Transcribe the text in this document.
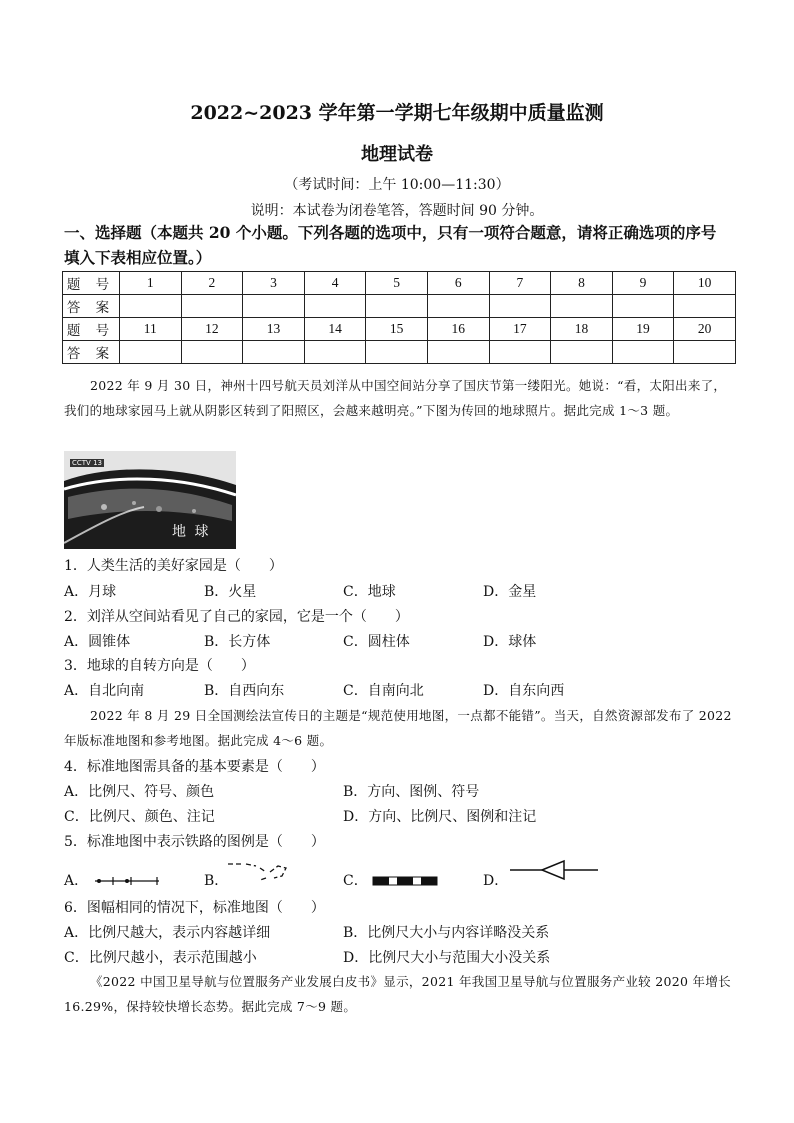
2022~2023 学年第一学期七年级期中质量监测
地理试卷
（考试时间：上午 10:00—11:30）
说明：本试卷为闭卷笔答，答题时间 90 分钟。
一、选择题（本题共 20 个小题。下列各题的选项中，只有一项符合题意，请将正确选项的序号
填入下表相应位置。）
题 号	1	2	3	4	5	6	7	8	9	10
答 案										
题 号	11	12	13	14	15	16	17	18	19	20
答 案										
2022 年 9 月 30 日，神州十四号航天员刘洋从中国空间站分享了国庆节第一缕阳光。她说：“看，太阳出来了，我们的地球家园马上就从阴影区转到了阳照区，会越来越明亮。”下图为传回的地球照片。据此完成 1～3 题。
CCTV 13
地 球
1．人类生活的美好家园是（　　）
A．月球	B．火星	C．地球	D．金星
2．刘洋从空间站看见了自己的家园，它是一个（　　）
A．圆锥体	B．长方体	C．圆柱体	D．球体
3．地球的自转方向是（　　）
A．自北向南	B．自西向东	C．自南向北	D．自东向西
2022 年 8 月 29 日全国测绘法宣传日的主题是“规范使用地图，一点都不能错”。当天，自然资源部发布了 2022 年版标准地图和参考地图。据此完成 4～6 题。
4．标准地图需具备的基本要素是（　　）
A．比例尺、符号、颜色	B．方向、图例、符号
C．比例尺、颜色、注记	D．方向、比例尺、图例和注记
5．标准地图中表示铁路的图例是（　　）
A．	B．	C．	D．
6．图幅相同的情况下，标准地图（　　）
A．比例尺越大，表示内容越详细	B．比例尺大小与内容详略没关系
C．比例尺越小，表示范围越小	D．比例尺大小与范围大小没关系
《2022 中国卫星导航与位置服务产业发展白皮书》显示，2021 年我国卫星导航与位置服务产业较 2020 年增长 16.29%，保持较快增长态势。据此完成 7～9 题。
